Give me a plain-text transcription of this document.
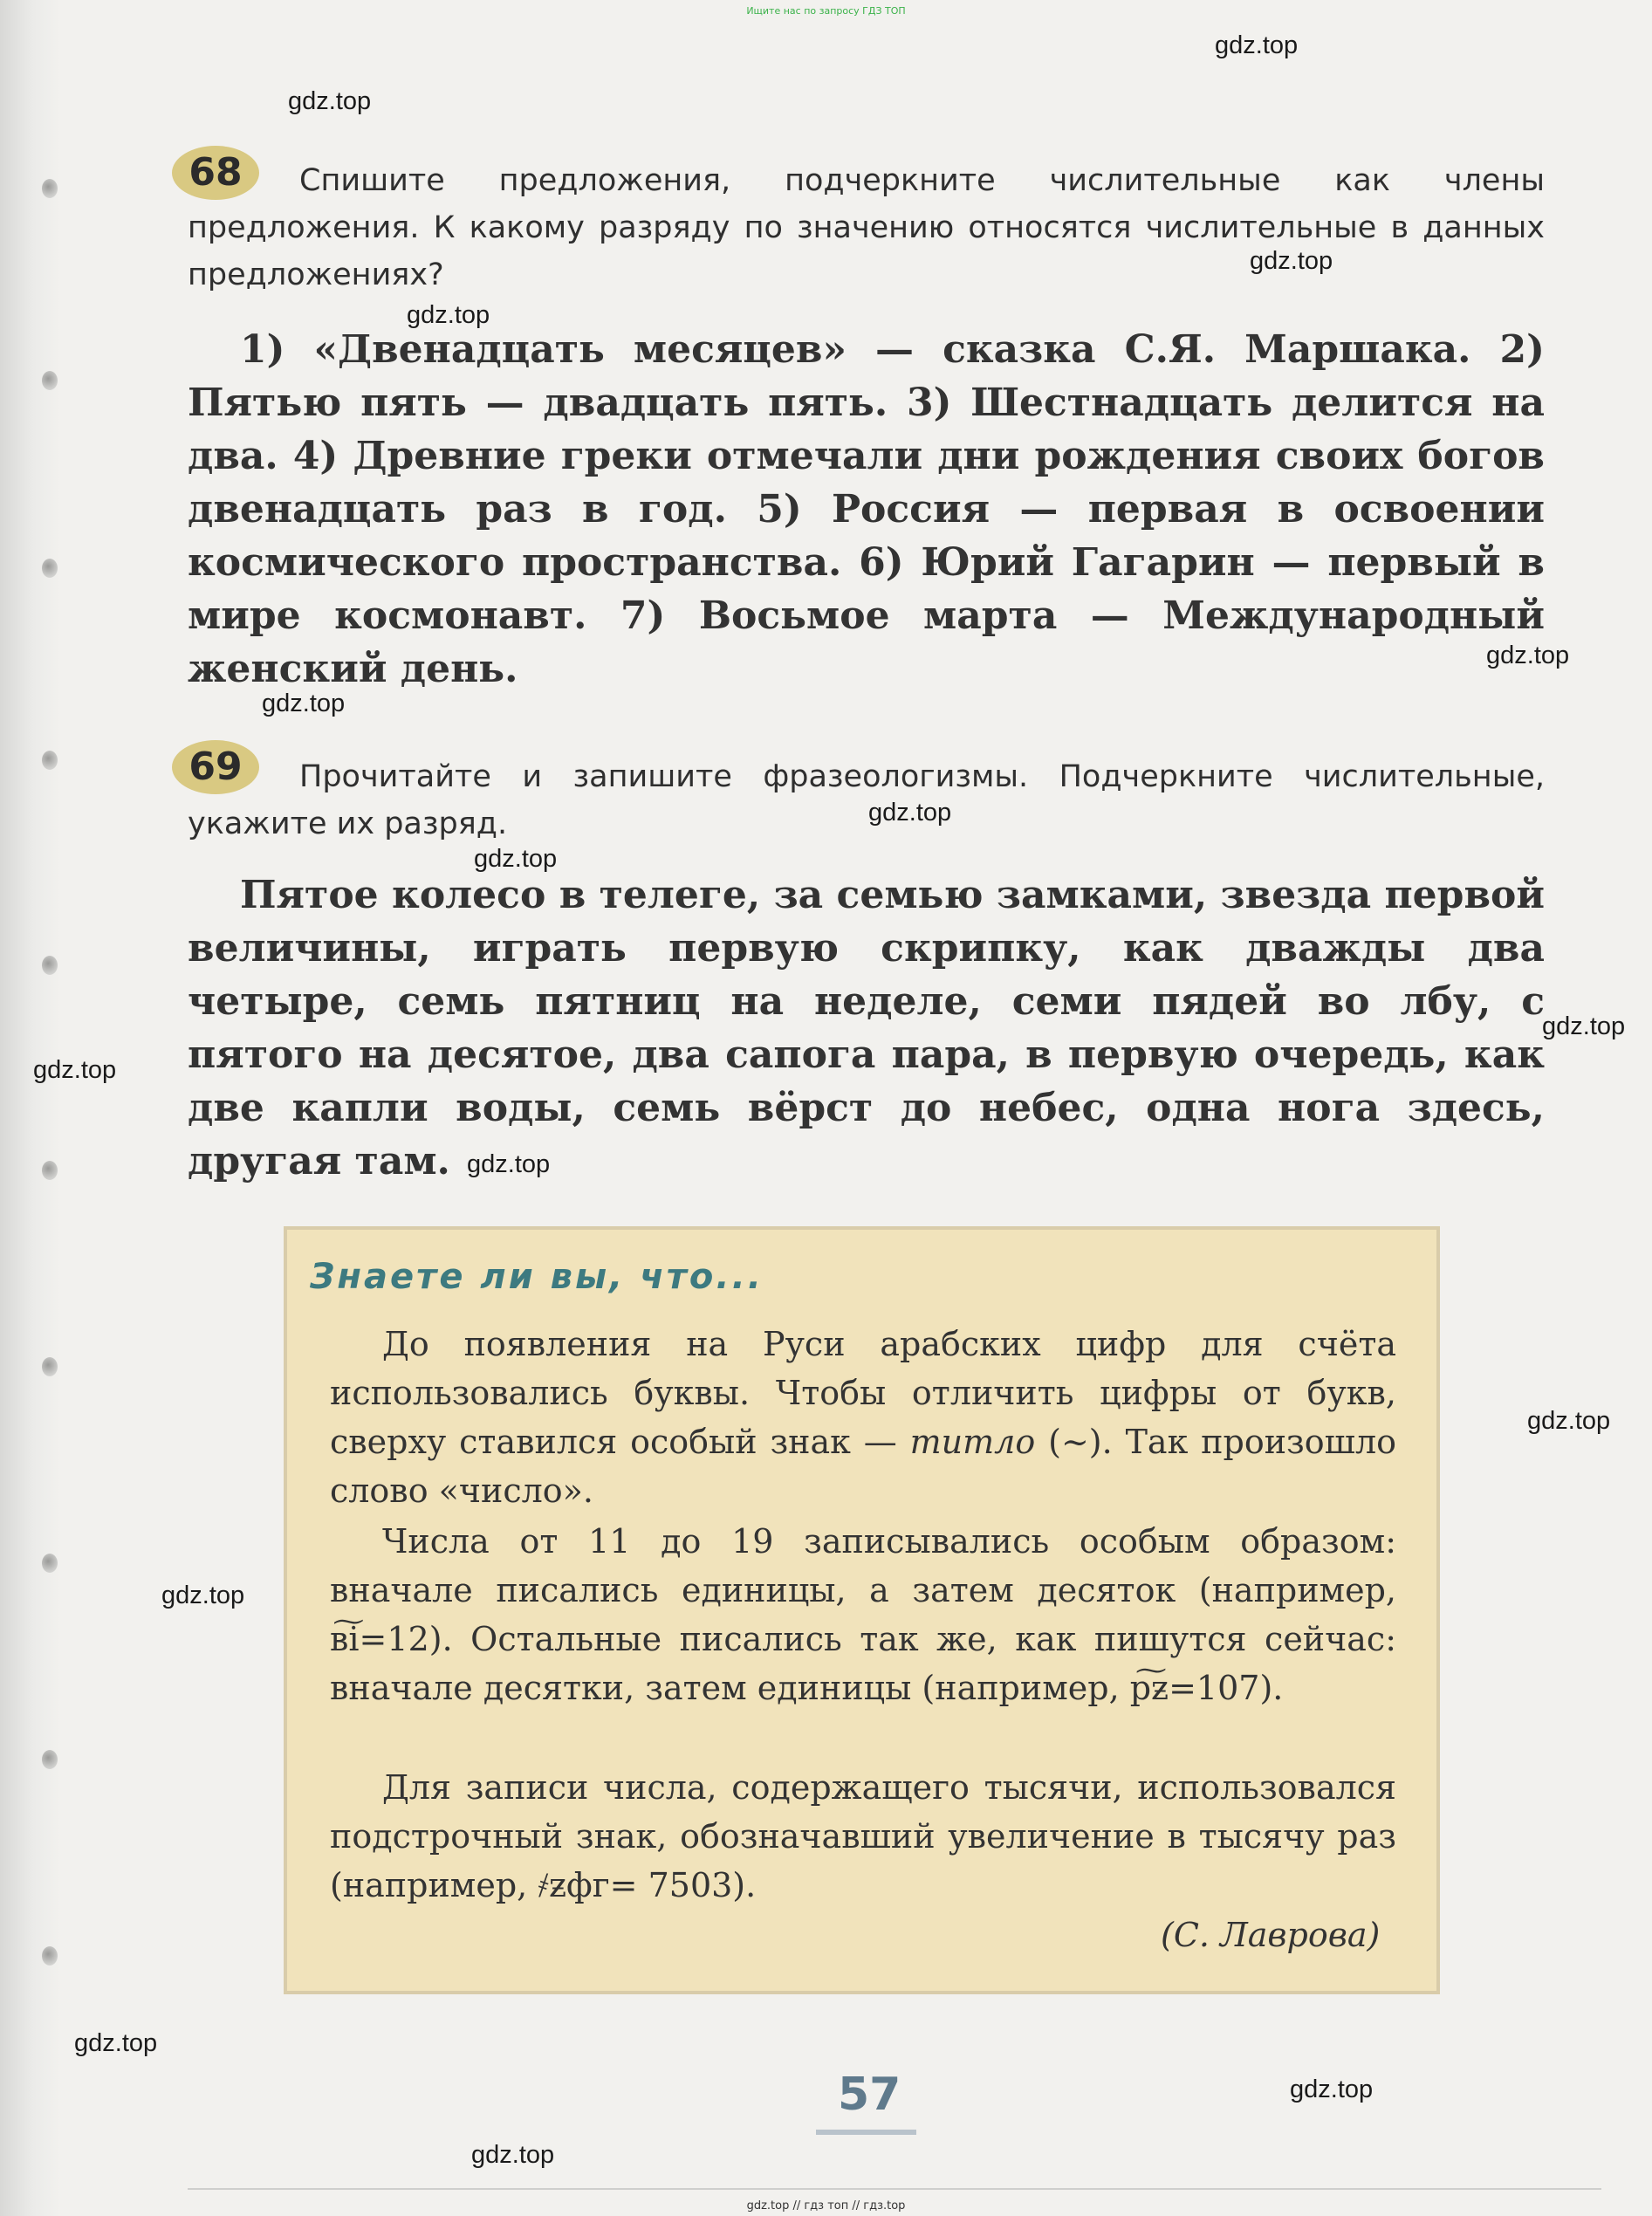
Ищите нас по запросу ГДЗ ТОП
gdz.top
gdz.top
gdz.top
gdz.top
gdz.top
gdz.top
gdz.top
gdz.top
gdz.top
gdz.top
gdz.top
gdz.top
gdz.top
gdz.top
gdz.top
gdz.top
68	Спишите предложения, подчеркните числительные как члены предложения. К какому разряду по значению относятся числительные в данных предложениях?
1) «Двенадцать месяцев» — сказка С.Я. Маршака. 2) Пятью пять — двадцать пять. 3) Шестнадцать делится на два. 4) Древние греки отмечали дни рождения своих богов двенадцать раз в год. 5) Россия — первая в освоении космического пространства. 6) Юрий Гагарин — первый в мире космонавт. 7) Восьмое марта — Международный женский день.
69	Прочитайте и запишите фразеологизмы. Подчеркните числительные, укажите их разряд.
Пятое колесо в телеге, за семью замками, звезда первой величины, играть первую скрипку, как дважды два четыре, семь пятниц на неделе, семи пядей во лбу, с пятого на десятое, два сапога пара, в первую очередь, как две капли воды, семь вёрст до небес, одна нога здесь, другая там.
Знаете ли вы, что...
До появления на Руси арабских цифр для счёта использовались буквы. Чтобы отличить цифры от букв, сверху ставился особый знак — титло (~). Так произошло слово «число».
Числа от 11 до 19 записывались особым образом: вначале писались единицы, а затем десяток (например, в͠і=12). Остальные писались так же, как пишутся сейчас: вначале десятки, затем единицы (например, р͠ƶ=107).
Для записи числа, содержащего тысячи, использовался подстрочный знак, обозначавший увеличение в тысячу раз (например, ҂ƶфг= 7503).
(С. Лаврова)
57
gdz.top // гдз топ // гдз.top
